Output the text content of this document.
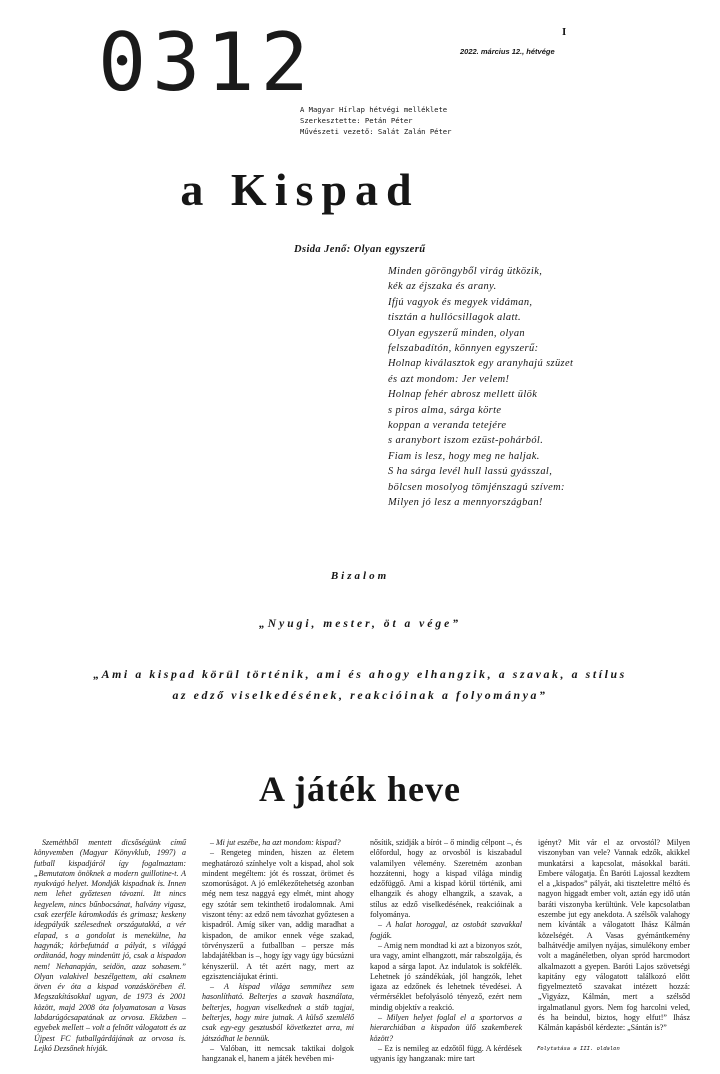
0312	2022. március 12., hétvége
I
A Magyar Hírlap hétvégi melléklete
Szerkesztette: Petán Péter
Művészeti vezető: Salát Zalán Péter
a Kispad
Dsida Jenő: Olyan egyszerű
Minden göröngyből virág ütközik,
kék az éjszaka és arany.
Ifjú vagyok és megyek vidáman,
tisztán a hullócsillagok alatt.
Olyan egyszerű minden, olyan
felszabadítón, könnyen egyszerű:
Holnap kiválasztok egy aranyhajú szüzet
és azt mondom: Jer velem!
Holnap fehér abrosz mellett ülök
s piros alma, sárga körte
koppan a veranda tetejére
s aranybort iszom ezüst-pohárból.
Fiam is lesz, hogy meg ne haljak.
S ha sárga levél hull lassú gyásszal,
bölcsen mosolyog tömjénszagú szívem:
Milyen jó lesz a mennyországban!
Bizalom
„Nyugi, mester, öt a vége”
„Ami a kispad körül történik, ami és ahogy elhangzik, a szavak, a stílus
az edző viselkedésének, reakcióinak a folyománya”
A játék heve

Szeméthből mentett dicsőségünk című könyvemben (Magyar Könyvklub, 1997) a futball kispadjáról így fogalmaztam: „Bemutatom önöknek a modern guillotine-t. A nyakvágó helyet. Mondják kispadnak is. Innen nem lehet győztesen távozni. Itt nincs kegyelem, nincs bűnbocsánat, halvány vigasz, csak ezerféle káromkodás és grimasz; keskeny idegpályák szélesednek országutakká, a vér elapad, s a gondolat is menekülne, ha hagynák; körbefutnád a pályát, s világgá ordítanád, hogy mindenütt jó, csak a kispadon nem! Nehanapján, seidön, azaz sohasem.” Olyan valakivel beszélgettem, aki csaknem ötven év óta a kispad vonzáskörében él. Megszakításokkal ugyan, de 1973 és 2001 között, majd 2008 óta folyamatosan a Vasas labdarúgócsapatának az orvosa. Eközben – egyebek mellett – volt a felnőtt válogatott és az Újpest FC futballgárdájának az orvosa is. Lejkó Dezsőnek hívják.

– Mi jut eszébe, ha azt mondom: kispad?

– Rengeteg minden, hiszen az életem meghatározó színhelye volt a kispad, ahol sok mindent megéltem: jót és rosszat, örömet és szomorúságot. A jó emlékezőtehetség azonban még nem tesz naggyá egy elmét, mint ahogy egy szótár sem tekinthető irodalomnak. Ami viszont tény: az edző nem távozhat győztesen a kispadról. Amíg siker van, addig maradhat a kispadon, de amikor ennek vége szakad, törvényszerű a futballban – persze más labdajátékban is –, hogy így vagy úgy búcsúzni kényszerül. A tét azért nagy, mert az egzisztenciájukat érinti.

– A kispad világa semmihez sem hasonlítható. Belterjes a szavak használata, belterjes, hogyan viselkednek a stáb tagjai, belterjes, hogy mire jutnak. A külső szemlélő csak egy-egy gesztusból következtet arra, mi játszódhat le bennük.

– Valóban, itt nemcsak taktikai dolgok hangzanak el, hanem a játék hevében mi-

nősítik, szidják a bírót – ő mindig célpont –, és előfordul, hogy az orvosból is kiszabadul valamilyen vélemény. Szeretném azonban hozzátenni, hogy a kispad világa mindig edzőfüggő. Ami a kispad körül történik, ami elhangzik és ahogy elhangzik, a szavak, a stílus az edző viselkedésének, reakcióinak a folyománya.

– A halat horoggal, az ostobát szavakkal fogják.

– Amig nem mondtad ki azt a bizonyos szót, ura vagy, amint elhangzott, már rabszolgája, és kapod a sárga lapot. Az indulatok is sokfélék. Lehetnek jó szándékúak, jól hangzók, lehet igaza az edzőnek és lehetnek tévedései. A vérmérséklet befolyásoló tényező, ezért nem mindig objektív a reakció.

– Milyen helyet foglal el a sportorvos a hierarchiában a kispadon ülő szakemberek között?

– Ez is nemileg az edzőtől függ. A kérdések ugyanis így hangzanak: mire tart

igényt? Mit vár el az orvostól? Milyen viszonyban van vele? Vannak edzők, akikkel munkatársi a kapcsolat, másokkal baráti. Embere válogatja. Én Baróti Lajossal kezdtem el a „kispados” pályát, aki tisztelettre méltó és nagyon higgadt ember volt, aztán egy idő után baráti viszonyba kerültünk. Vele kapcsolatban eszembe jut egy anekdota. A szélsők valahogy nem kívánták a válogatott Ihász Kálmán közelségét. A Vasas gyémántkemény balhátvédje amilyen nyájas, simulékony ember volt a magánéletben, olyan spród harcmodort alkalmazott a gyepen. Baróti Lajos szövetségi kapitány egy válogatott találkozó előtt figyelmeztető szavakat intézett hozzá: „Vigyázz, Kálmán, mert a szélsőd irgalmatlanul gyors. Nem fog harcolni veled, és ha beindul, biztos, hogy elfut!” Ihász Kálmán kapásból kérdezte: „Sántán is?”

Folytatása a III. oldalon
